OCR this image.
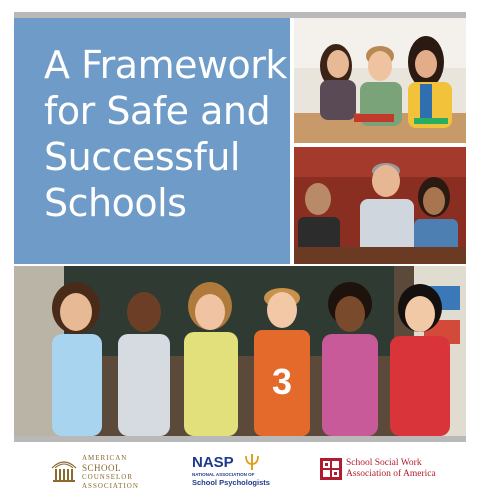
A Framework
for Safe and
Successful
Schools
3
AMERICAN
SCHOOL
COUNSELOR
ASSOCIATION
NASP
NATIONAL ASSOCIATION OF
School Psychologists
School Social Work
Association of America
